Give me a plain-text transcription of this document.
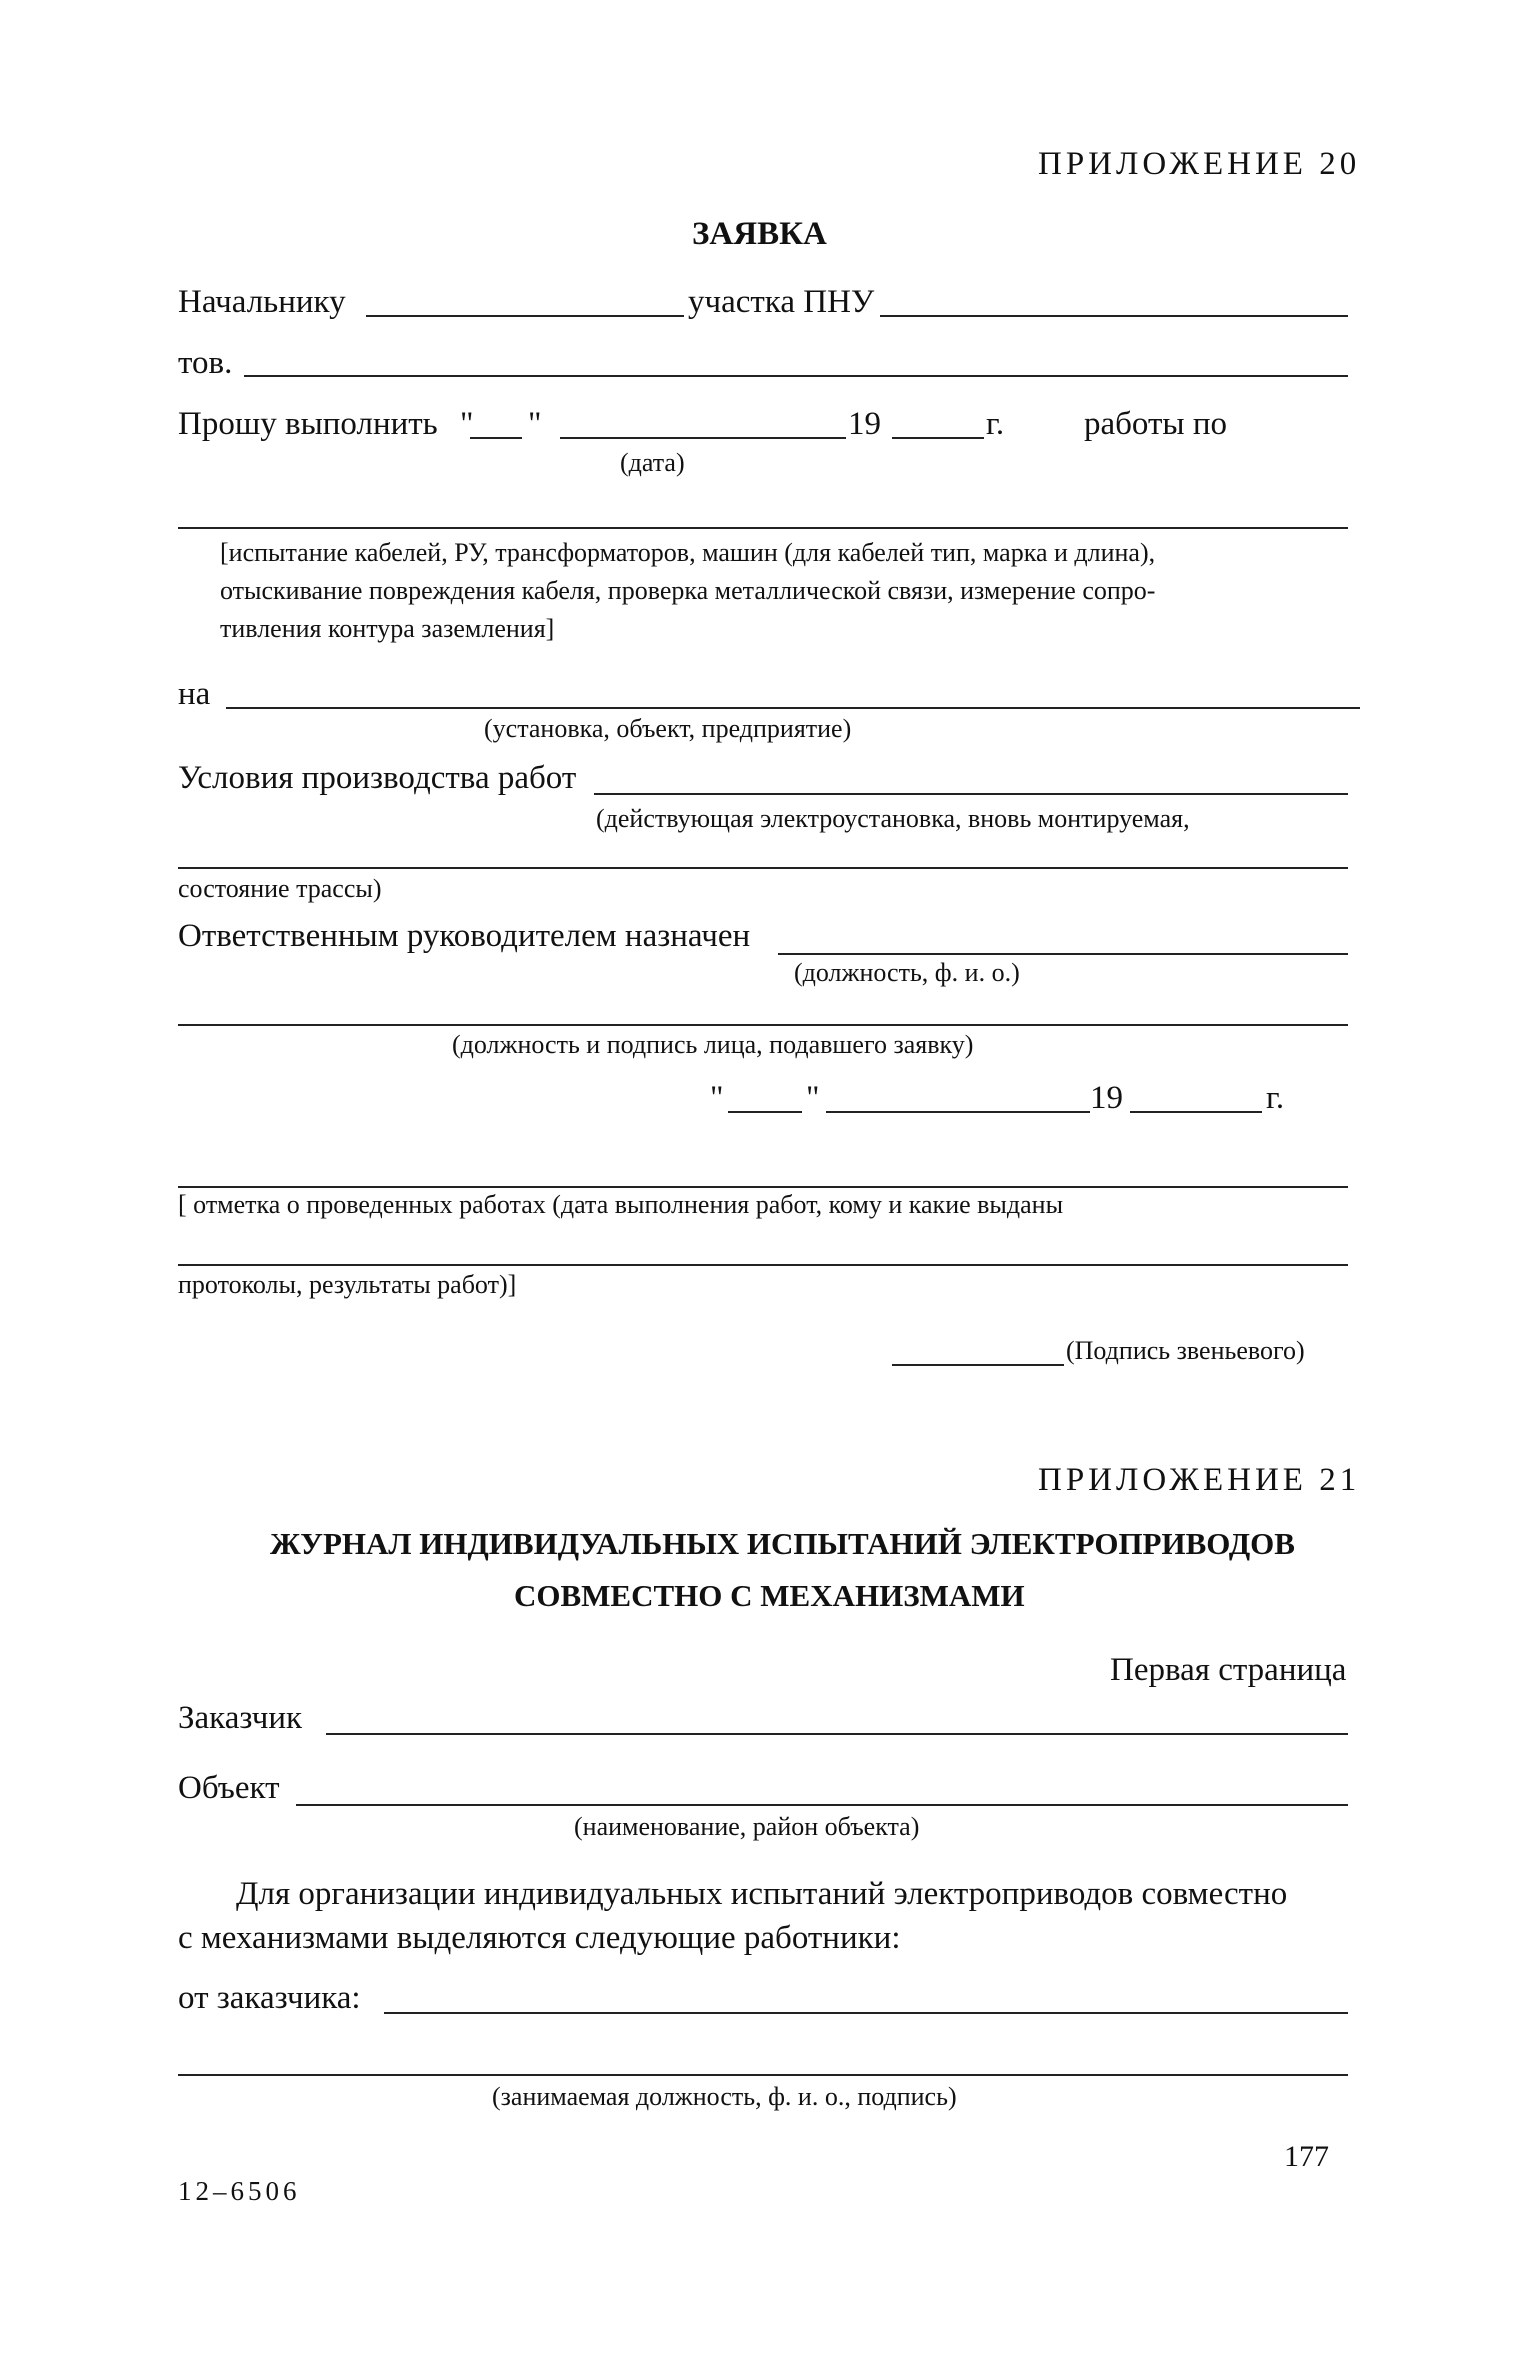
ПРИЛОЖЕНИЕ 20
ЗАЯВКА
Начальнику	участка ПНУ
тов.
Прошу выполнить " "	19	г. работы по
(дата)
[испытание кабелей, РУ, трансформаторов, машин (для кабелей тип, марка и длина),
отыскивание повреждения кабеля, проверка металлической связи, измерение сопро-
тивления контура заземления]
на
(установка, объект, предприятие)
Условия производства работ
(действующая электроустановка, вновь монтируемая,
состояние трассы)
Ответственным руководителем назначен
(должность, ф. и. о.)
(должность и подпись лица, подавшего заявку)
"	"	19	г.
[ отметка о проведенных работах (дата выполнения работ, кому и какие выданы
протоколы, результаты работ)]
(Подпись звеньевого)
ПРИЛОЖЕНИЕ 21
ЖУРНАЛ ИНДИВИДУАЛЬНЫХ ИСПЫТАНИЙ ЭЛЕКТРОПРИВОДОВ
СОВМЕСТНО С МЕХАНИЗМАМИ
Первая страница
Заказчик
Объект
(наименование, район объекта)
Для организации индивидуальных испытаний электроприводов совместно
с механизмами выделяются следующие работники:
от заказчика:
(занимаемая должность, ф. и. о., подпись)
177
12–6506
